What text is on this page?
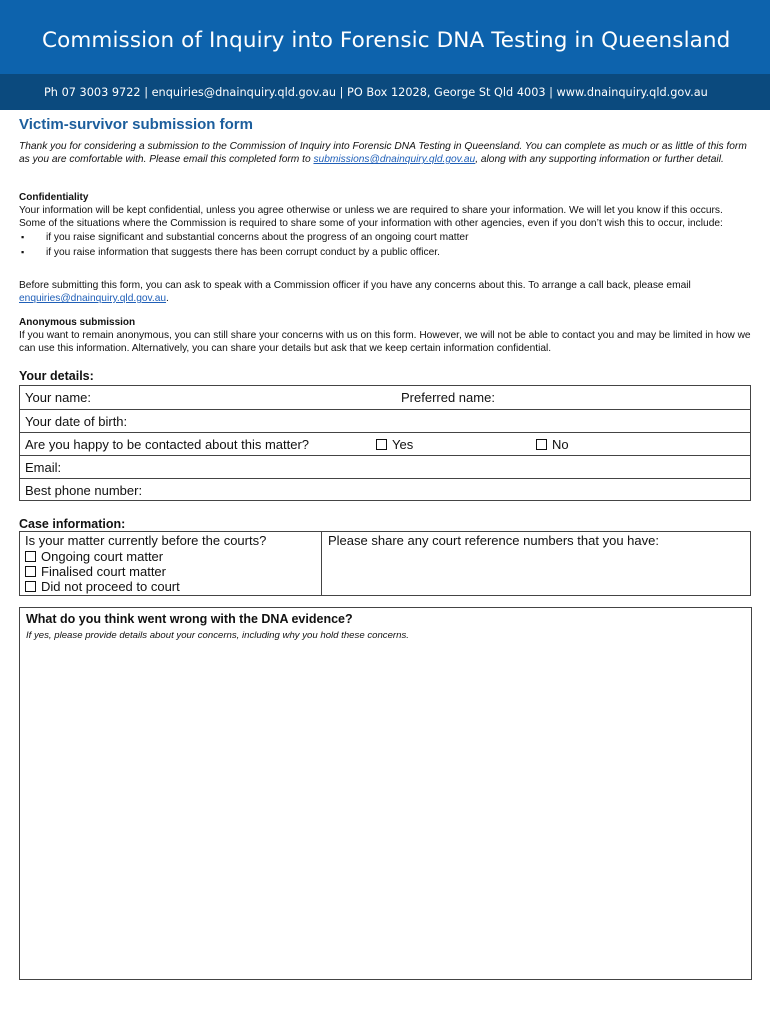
Commission of Inquiry into Forensic DNA Testing in Queensland
Ph 07 3003 9722 | enquiries@dnainquiry.qld.gov.au | PO Box 12028, George St Qld 4003 | www.dnainquiry.qld.gov.au
Victim-survivor submission form
Thank you for considering a submission to the Commission of Inquiry into Forensic DNA Testing in Queensland. You can complete as much or as little of this form as you are comfortable with. Please email this completed form to submissions@dnainquiry.qld.gov.au, along with any supporting information or further detail.
Confidentiality
Your information will be kept confidential, unless you agree otherwise or unless we are required to share your information. We will let you know if this occurs. Some of the situations where the Commission is required to share some of your information with other agencies, even if you don’t wish this to occur, include:
▪ if you raise significant and substantial concerns about the progress of an ongoing court matter
▪ if you raise information that suggests there has been corrupt conduct by a public officer.
Before submitting this form, you can ask to speak with a Commission officer if you have any concerns about this. To arrange a call back, please email enquiries@dnainquiry.qld.gov.au.
Anonymous submission
If you want to remain anonymous, you can still share your concerns with us on this form. However, we will not be able to contact you and may be limited in how we can use this information. Alternatively, you can share your details but ask that we keep certain information confidential.
Your details:
Your name:	Preferred name:
Your date of birth:
Are you happy to be contacted about this matter?	Yes	No
Email:
Best phone number:
Case information:
Is your matter currently before the courts?
Ongoing court matter
Finalised court matter
Did not proceed to court
Please share any court reference numbers that you have:
What do you think went wrong with the DNA evidence?
If yes, please provide details about your concerns, including why you hold these concerns.
